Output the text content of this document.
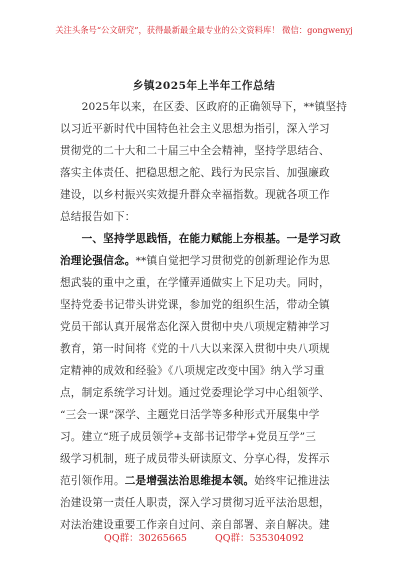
关注头条号“公文研究”，获得最新最全最专业的公文资料库！ 微信：gongwenyj
乡镇2025年上半年工作总结
　　2025年以来，在区委、区政府的正确领导下，**镇坚持
以习近平新时代中国特色社会主义思想为指引，深入学习
贯彻党的二十大和二十届三中全会精神，坚持学思结合、
落实主体责任、把稳思想之舵、践行为民宗旨、加强廉政
建设，以乡村振兴实效提升群众幸福指数。现就各项工作
总结报告如下：
　　一、坚持学思践悟，在能力赋能上夯根基。一是学习政
治理论强信念。**镇自觉把学习贯彻党的创新理论作为思
想武装的重中之重，在学懂弄通做实上下足功夫。同时，
坚持党委书记带头讲党课，参加党的组织生活，带动全镇
党员干部认真开展常态化深入贯彻中央八项规定精神学习
教育，第一时间将《党的十八大以来深入贯彻中央八项规
定精神的成效和经验》《八项规定改变中国》纳入学习重
点，制定系统学习计划。通过党委理论学习中心组领学、
“三会一课”深学、主题党日活学等多种形式开展集中学
习。建立“班子成员领学+支部书记带学+党员互学”三
级学习机制，班子成员带头研读原文、分享心得，发挥示
范引领作用。二是增强法治思维提本领。始终牢记推进法
治建设第一责任人职责，深入学习贯彻习近平法治思想，
对法治建设重要工作亲自过问、亲自部署、亲自解决。建
QQ群：30265665	QQ群：535304092
